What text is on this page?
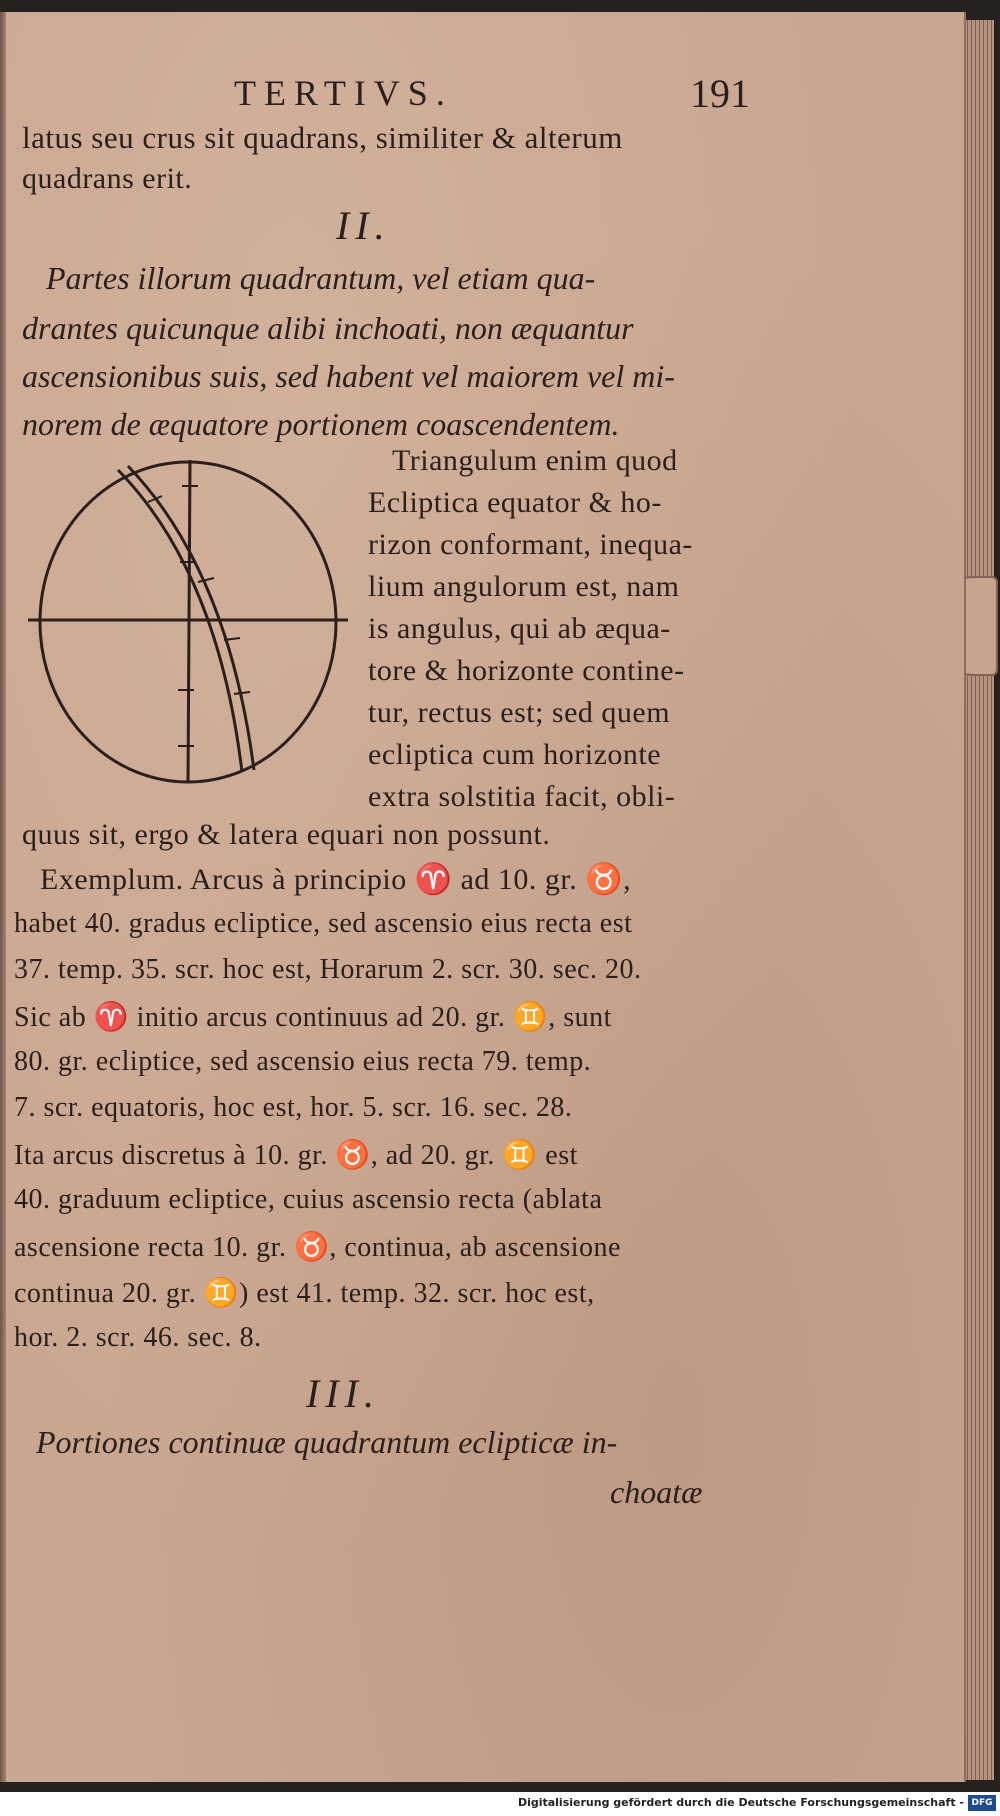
TERTIVS.	191
latus seu crus sit quadrans, similiter & alterum
quadrans erit.
II.
Partes illorum quadrantum, vel etiam qua-
drantes quicunque alibi inchoati, non æquantur
ascensionibus suis, sed habent vel maiorem vel mi-
norem de æquatore portionem coascendentem.
Triangulum enim quod
Ecliptica equator & ho-
rizon conformant, inequa-
lium angulorum est, nam
is angulus, qui ab æqua-
tore & horizonte contine-
tur, rectus est; sed quem
ecliptica cum horizonte
extra solstitia facit, obli-
quus sit, ergo & latera equari non possunt.
Exemplum. Arcus à principio ♈ ad 10. gr. ♉,
habet 40. gradus ecliptice, sed ascensio eius recta est
37. temp. 35. scr. hoc est, Horarum 2. scr. 30. sec. 20.
Sic ab ♈ initio arcus continuus ad 20. gr. ♊, sunt
80. gr. ecliptice, sed ascensio eius recta 79. temp.
7. scr. equatoris, hoc est, hor. 5. scr. 16. sec. 28.
Ita arcus discretus à 10. gr. ♉, ad 20. gr. ♊ est
40. graduum ecliptice, cuius ascensio recta (ablata
ascensione recta 10. gr. ♉, continua, ab ascensione
continua 20. gr. ♊) est 41. temp. 32. scr. hoc est,
hor. 2. scr. 46. sec. 8.
III.
Portiones continuæ quadrantum eclipticæ in-
choatæ
Digitalisierung gefördert durch die Deutsche Forschungsgemeinschaft - DFG
